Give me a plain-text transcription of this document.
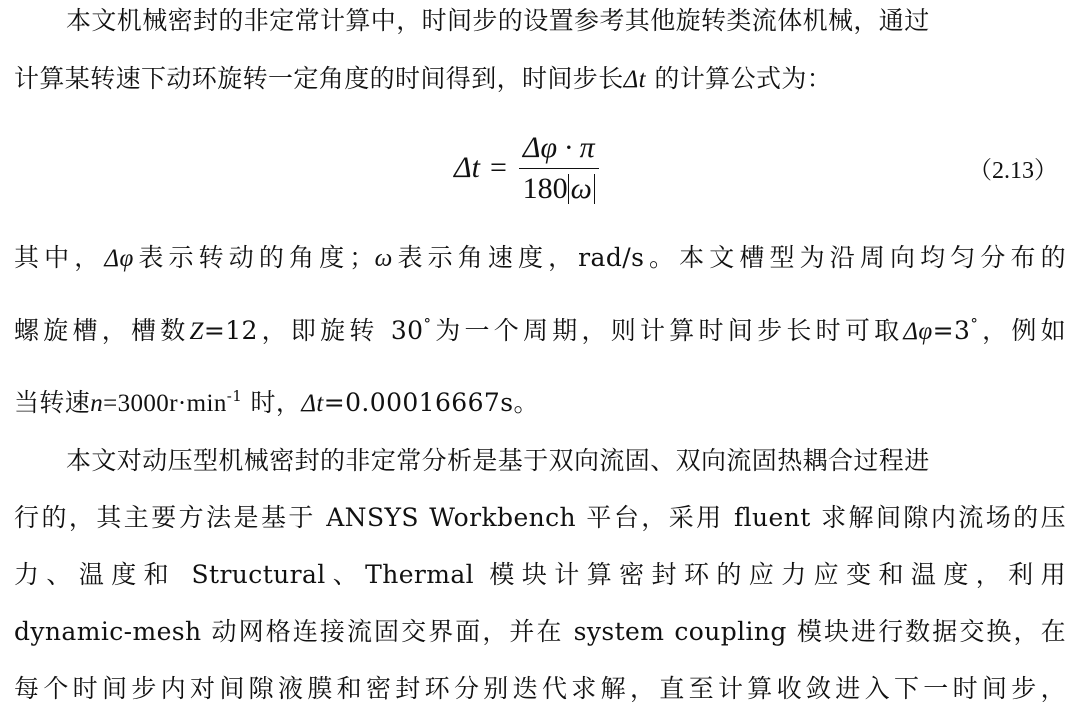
本文机械密封的非定常计算中，时间步的设置参考其他旋转类流体机械，通过
计算某转速下动环旋转一定角度的时间得到，时间步长Δt 的计算公式为：
$\Delta t = \frac{\Delta\varphi \cdot \pi}{180 \omega}$	（2.13）
其中，Δφ表示转动的角度；ω表示角速度，rad/s。本文槽型为沿周向均匀分布的
螺旋槽，槽数Z=12，即旋转 30°为一个周期，则计算时间步长时可取Δφ=3°，例如
当转速$n=3000r\cdot\min^{-1}$ 时，Δt=0.00016667s。
本文对动压型机械密封的非定常分析是基于双向流固、双向流固热耦合过程进
行的，其主要方法是基于 ANSYS Workbench 平台，采用 fluent 求解间隙内流场的压
力、温度和 Structural、Thermal 模块计算密封环的应力应变和温度，利用
dynamic-mesh 动网格连接流固交界面，并在 system coupling 模块进行数据交换，在
每个时间步内对间隙液膜和密封环分别迭代求解，直至计算收敛进入下一时间步，
